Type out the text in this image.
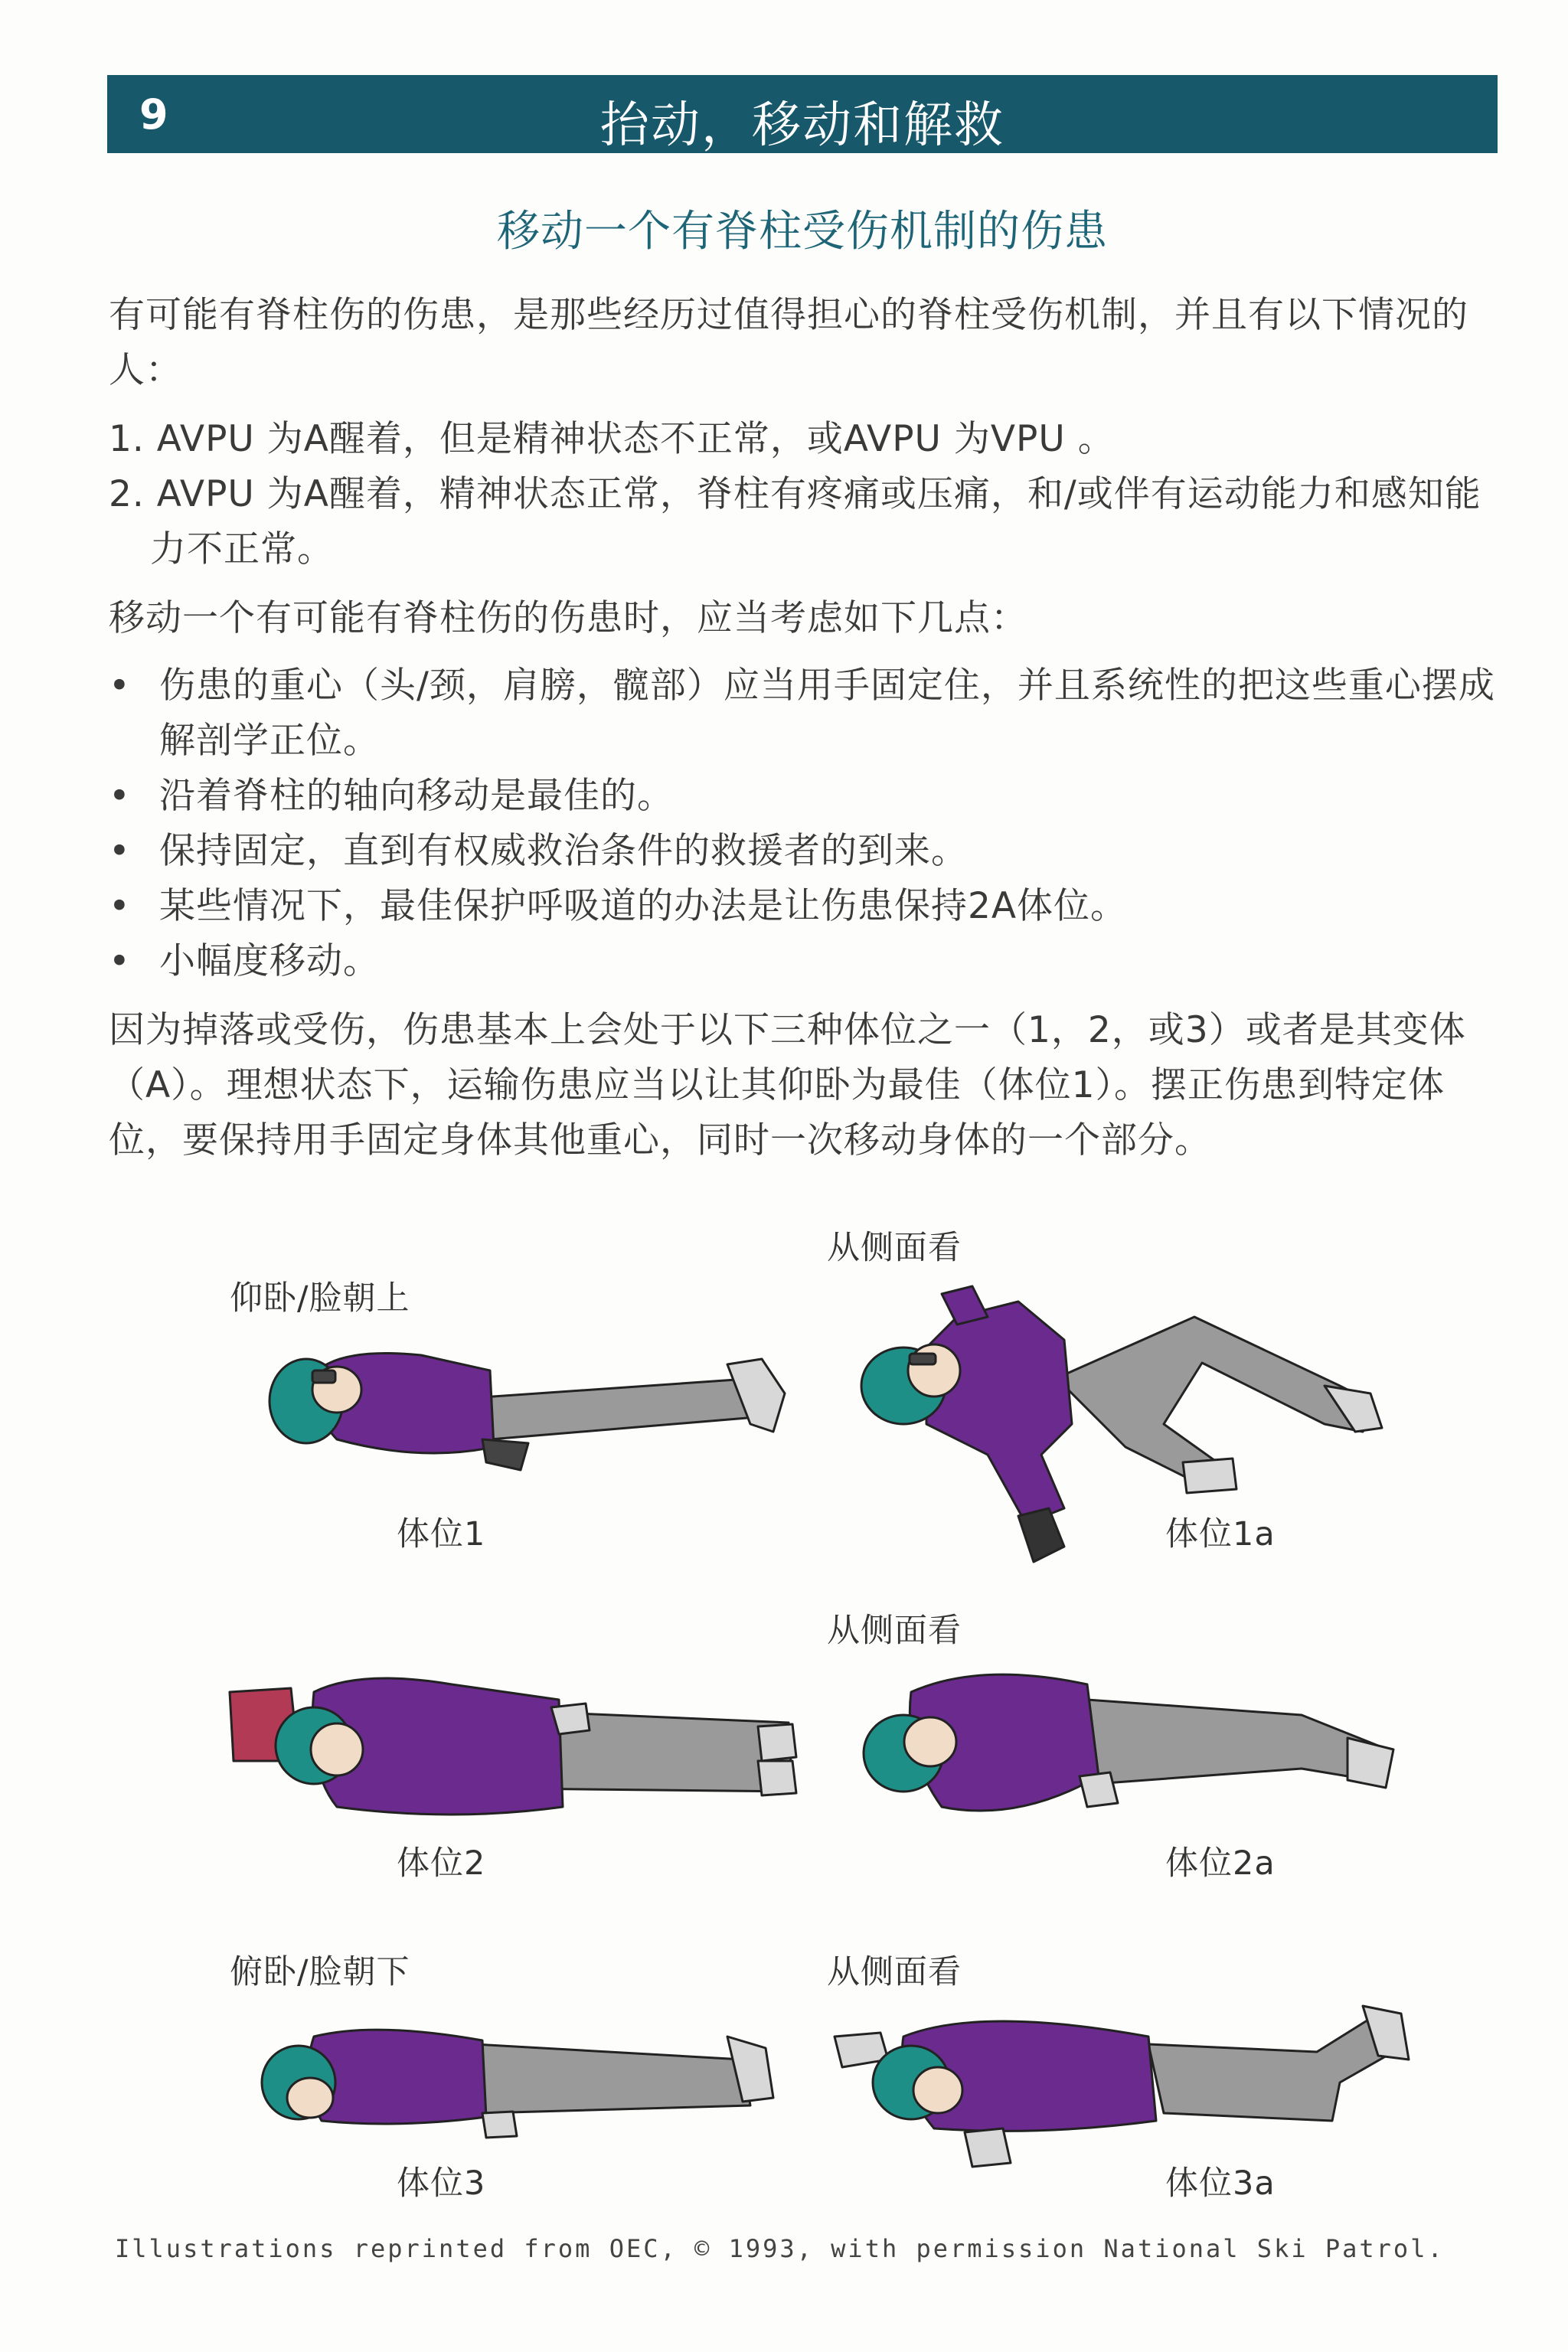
9	抬动，移动和解救
移动一个有脊柱受伤机制的伤患
有可能有脊柱伤的伤患，是那些经历过值得担心的脊柱受伤机制，并且有以下情况的人：
1. AVPU 为A醒着，但是精神状态不正常，或AVPU 为VPU 。
2. AVPU 为A醒着，精神状态正常，脊柱有疼痛或压痛，和/或伴有运动能力和感知能力不正常。
移动一个有可能有脊柱伤的伤患时，应当考虑如下几点：
• 伤患的重心（头/颈，肩膀，髋部）应当用手固定住，并且系统性的把这些重心摆成解剖学正位。
• 沿着脊柱的轴向移动是最佳的。
• 保持固定，直到有权威救治条件的救援者的到来。
• 某些情况下，最佳保护呼吸道的办法是让伤患保持2A体位。
• 小幅度移动。
因为掉落或受伤，伤患基本上会处于以下三种体位之一（1，2，或3）或者是其变体（A）。理想状态下，运输伤患应当以让其仰卧为最佳（体位1）。摆正伤患到特定体位，要保持用手固定身体其他重心，同时一次移动身体的一个部分。
从侧面看
仰卧/脸朝上
体位1	体位1a
从侧面看
体位2	体位2a
俯卧/脸朝下	从侧面看
体位3	体位3a
Illustrations reprinted from OEC, © 1993, with permission National Ski Patrol.
